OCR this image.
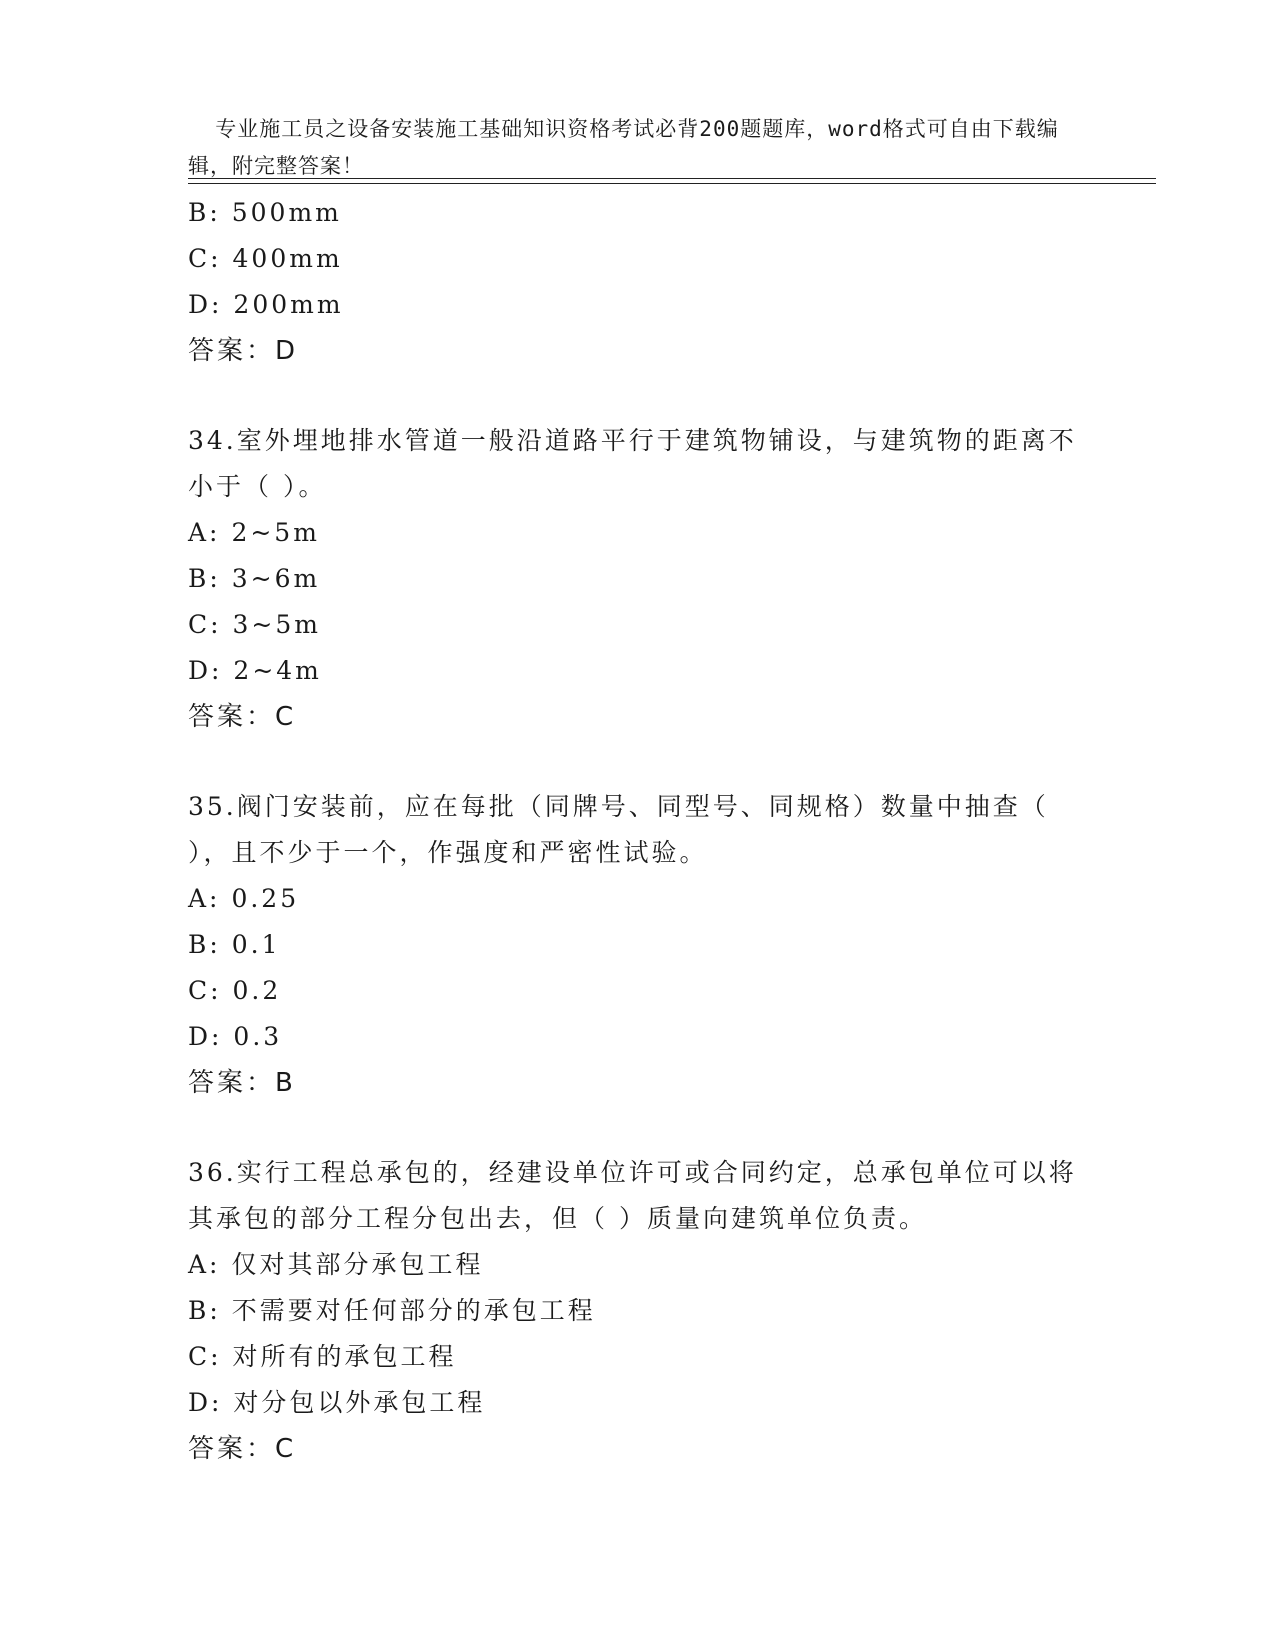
专业施工员之设备安装施工基础知识资格考试必背200题题库，word格式可自由下载编辑，附完整答案！

B: 500mm
C: 400mm
D: 200mm
答案：D
34.室外埋地排水管道一般沿道路平行于建筑物铺设，与建筑物的距离不小于（ ）。
A: 2~5m
B: 3~6m
C: 3~5m
D: 2~4m
答案：C
35.阀门安装前，应在每批（同牌号、同型号、同规格）数量中抽查（ ），且不少于一个，作强度和严密性试验。
A: 0.25
B: 0.1
C: 0.2
D: 0.3
答案：B
36.实行工程总承包的，经建设单位许可或合同约定，总承包单位可以将其承包的部分工程分包出去，但（ ）质量向建筑单位负责。
A: 仅对其部分承包工程
B: 不需要对任何部分的承包工程
C: 对所有的承包工程
D: 对分包以外承包工程
答案：C
